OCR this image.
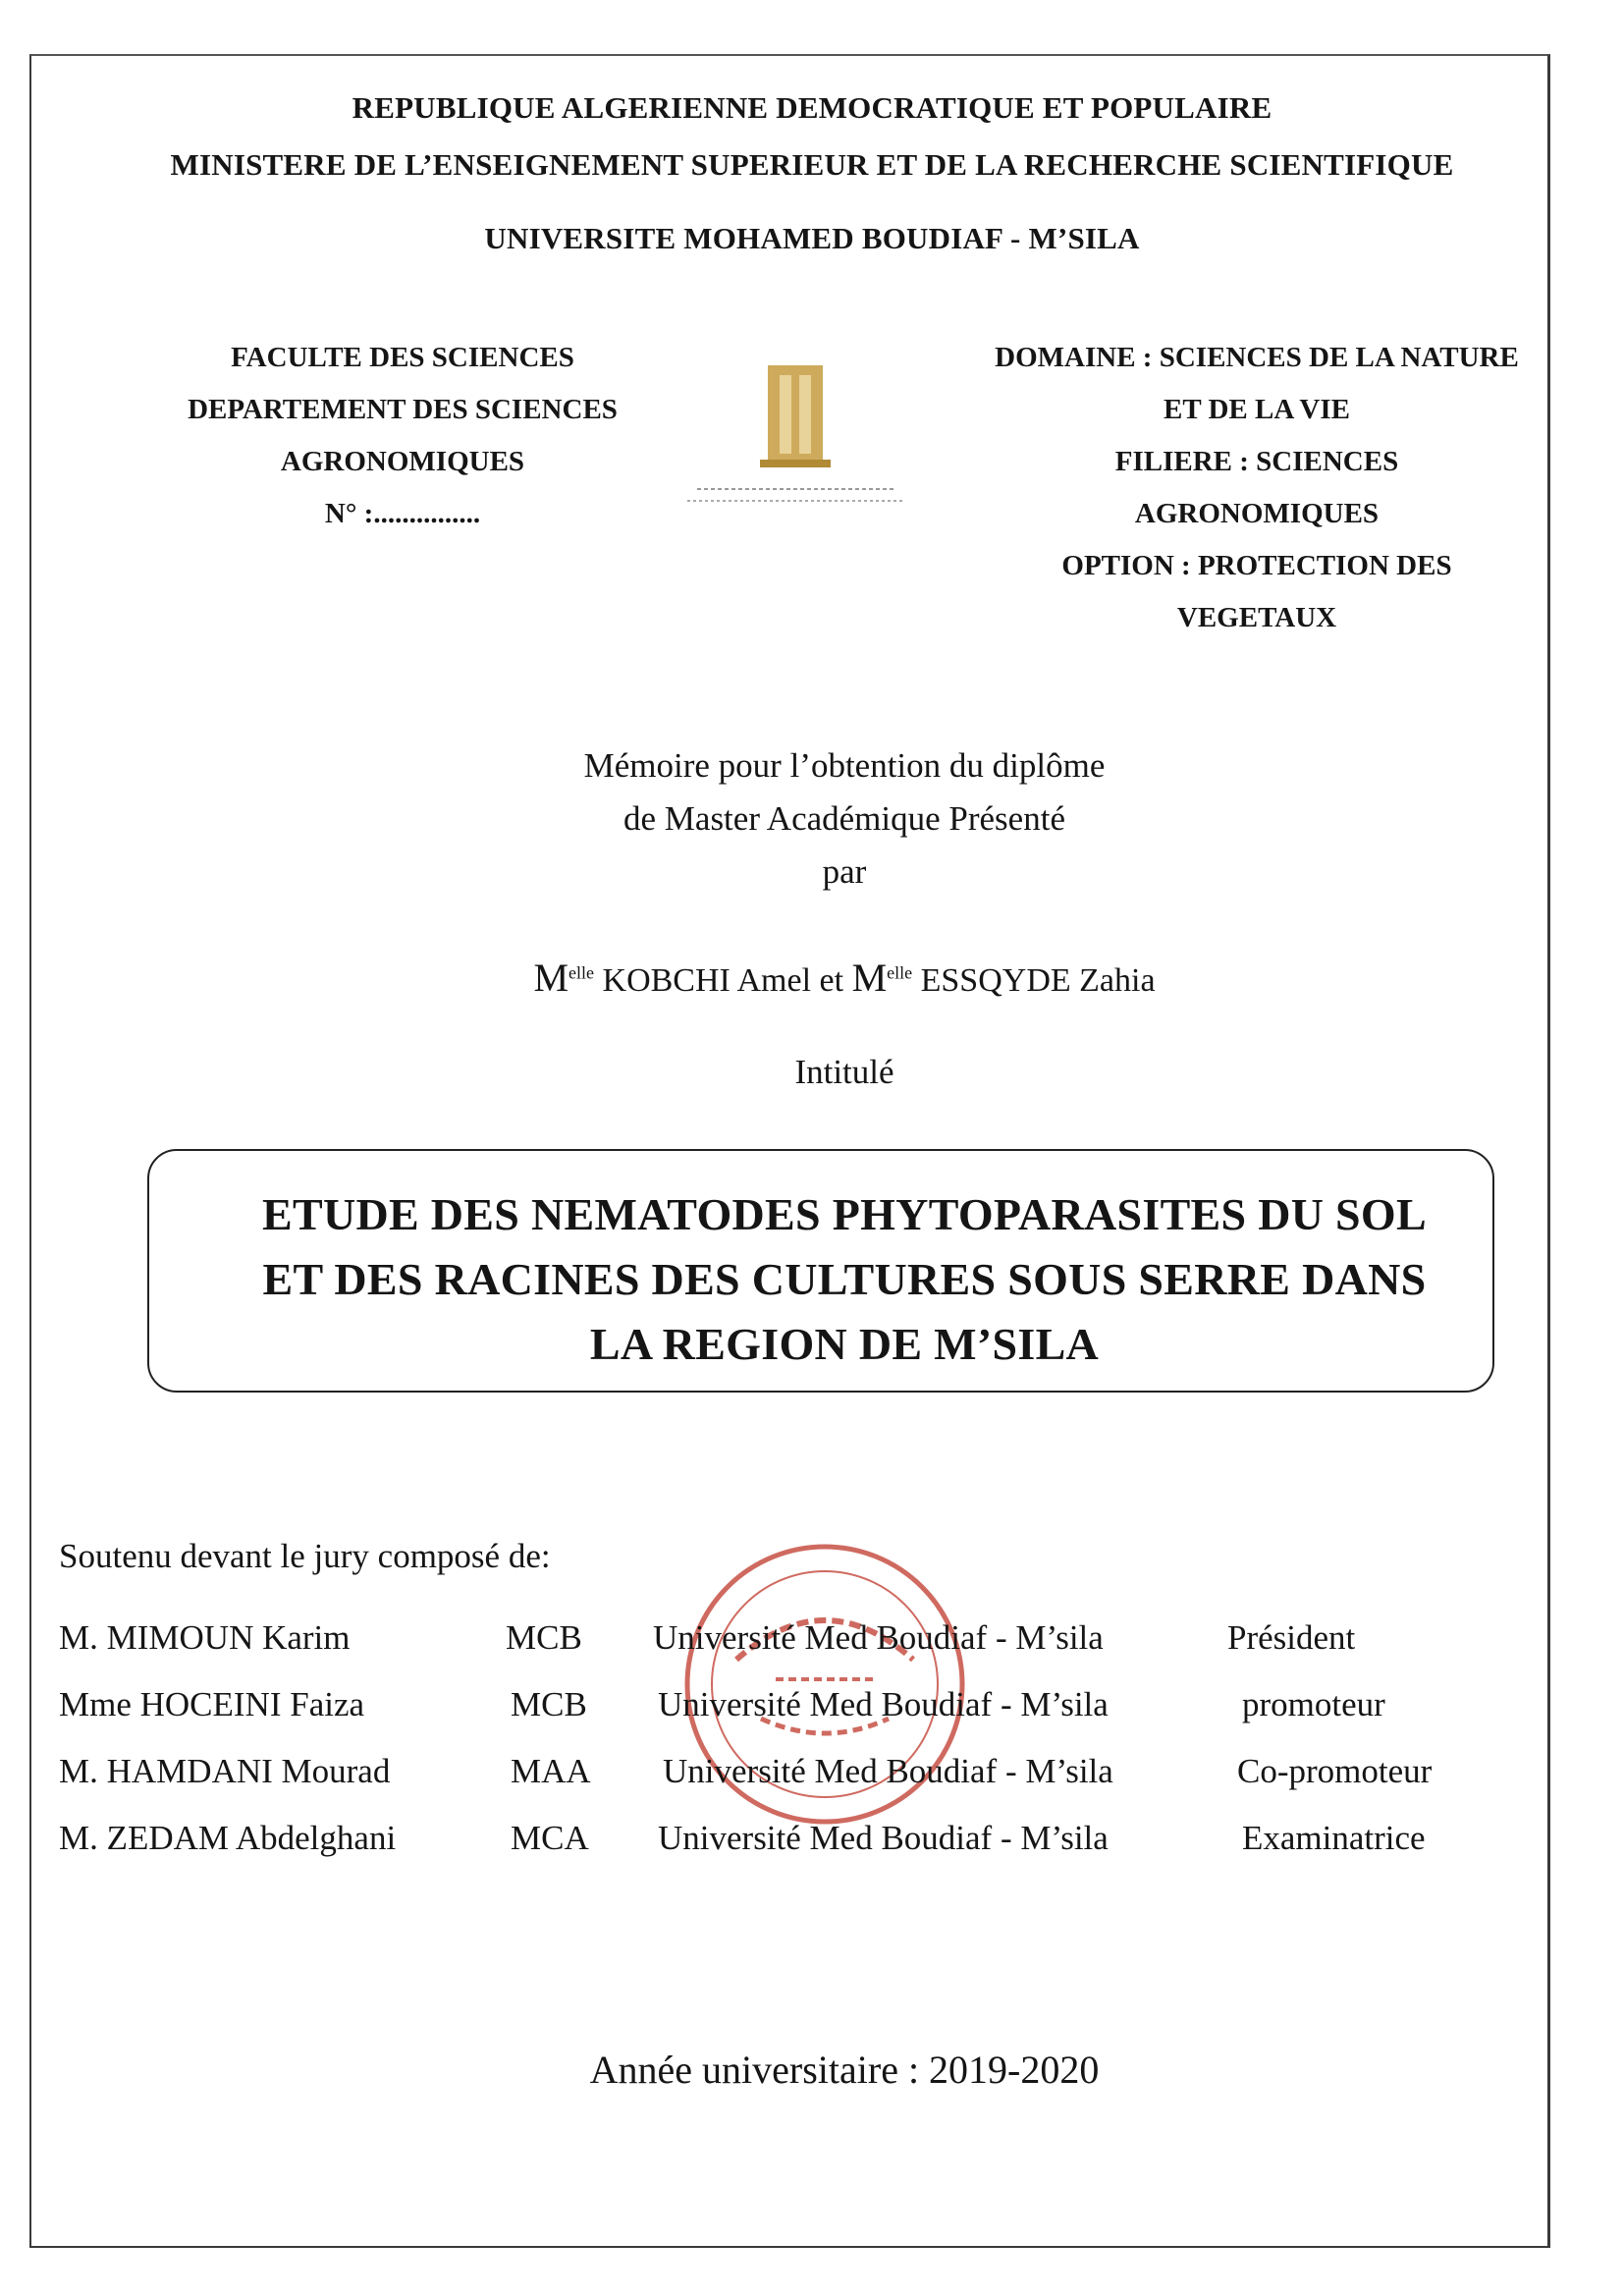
REPUBLIQUE ALGERIENNE DEMOCRATIQUE ET POPULAIRE
MINISTERE DE L’ENSEIGNEMENT SUPERIEUR ET DE LA RECHERCHE SCIENTIFIQUE
UNIVERSITE MOHAMED BOUDIAF - M’SILA
FACULTE DES SCIENCES
DEPARTEMENT DES SCIENCES
AGRONOMIQUES
N° :...............
DOMAINE : SCIENCES DE LA NATURE
ET DE LA VIE
FILIERE : SCIENCES
AGRONOMIQUES
OPTION : PROTECTION DES
VEGETAUX
Mémoire pour l’obtention du diplôme
de Master Académique Présenté
par
$M^{elle}$ KOBCHI Amel et $M^{elle}$ ESSQYDE Zahia
Intitulé
ETUDE DES NEMATODES PHYTOPARASITES DU SOL
ET DES RACINES DES CULTURES SOUS SERRE DANS
LA REGION DE M’SILA
Soutenu devant le jury composé de:
M. MIMOUN Karim	MCB Université Med Boudiaf - M’sila	Président
Mme HOCEINI Faiza	MCB Université Med Boudiaf - M’sila	promoteur
M. HAMDANI Mourad	MAA Université Med Boudiaf - M’sila	Co-promoteur
M. ZEDAM Abdelghani	MCA Université Med Boudiaf - M’sila	Examinatrice
Année universitaire : 2019-2020
